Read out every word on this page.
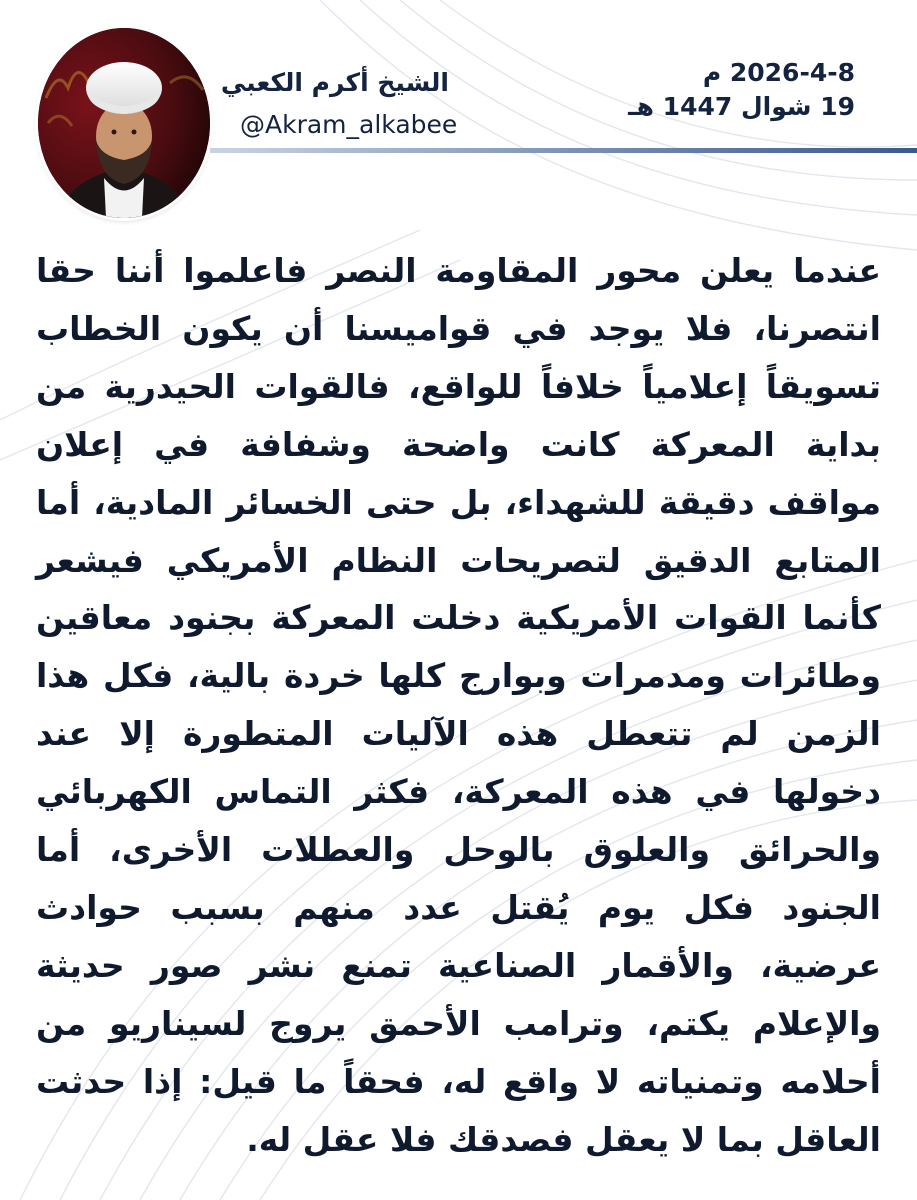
الشيخ أكرم الكعبي
@Akram_alkabee
2026-4-8 م
19 شوال 1447 هـ

عندما يعلن محور المقاومة النصر فاعلموا أننا حقا انتصرنا، فلا يوجد في قواميسنا أن يكون الخطاب تسويقاً إعلامياً خلافاً للواقع، فالقوات الحيدرية من بداية المعركة كانت واضحة وشفافة في إعلان مواقف دقيقة للشهداء، بل حتى الخسائر المادية، أما المتابع الدقيق لتصريحات النظام الأمريكي فيشعر كأنما القوات الأمريكية دخلت المعركة بجنود معاقين وطائرات ومدمرات وبوارج كلها خردة بالية، فكل هذا الزمن لم تتعطل هذه الآليات المتطورة إلا عند دخولها في هذه المعركة، فكثر التماس الكهربائي والحرائق والعلوق بالوحل والعطلات الأخرى، أما الجنود فكل يوم يُقتل عدد منهم بسبب حوادث عرضية، والأقمار الصناعية تمنع نشر صور حديثة والإعلام يكتم، وترامب الأحمق يروج لسيناريو من أحلامه وتمنياته لا واقع له، فحقاً ما قيل: إذا حدثت العاقل بما لا يعقل فصدقك فلا عقل له.
